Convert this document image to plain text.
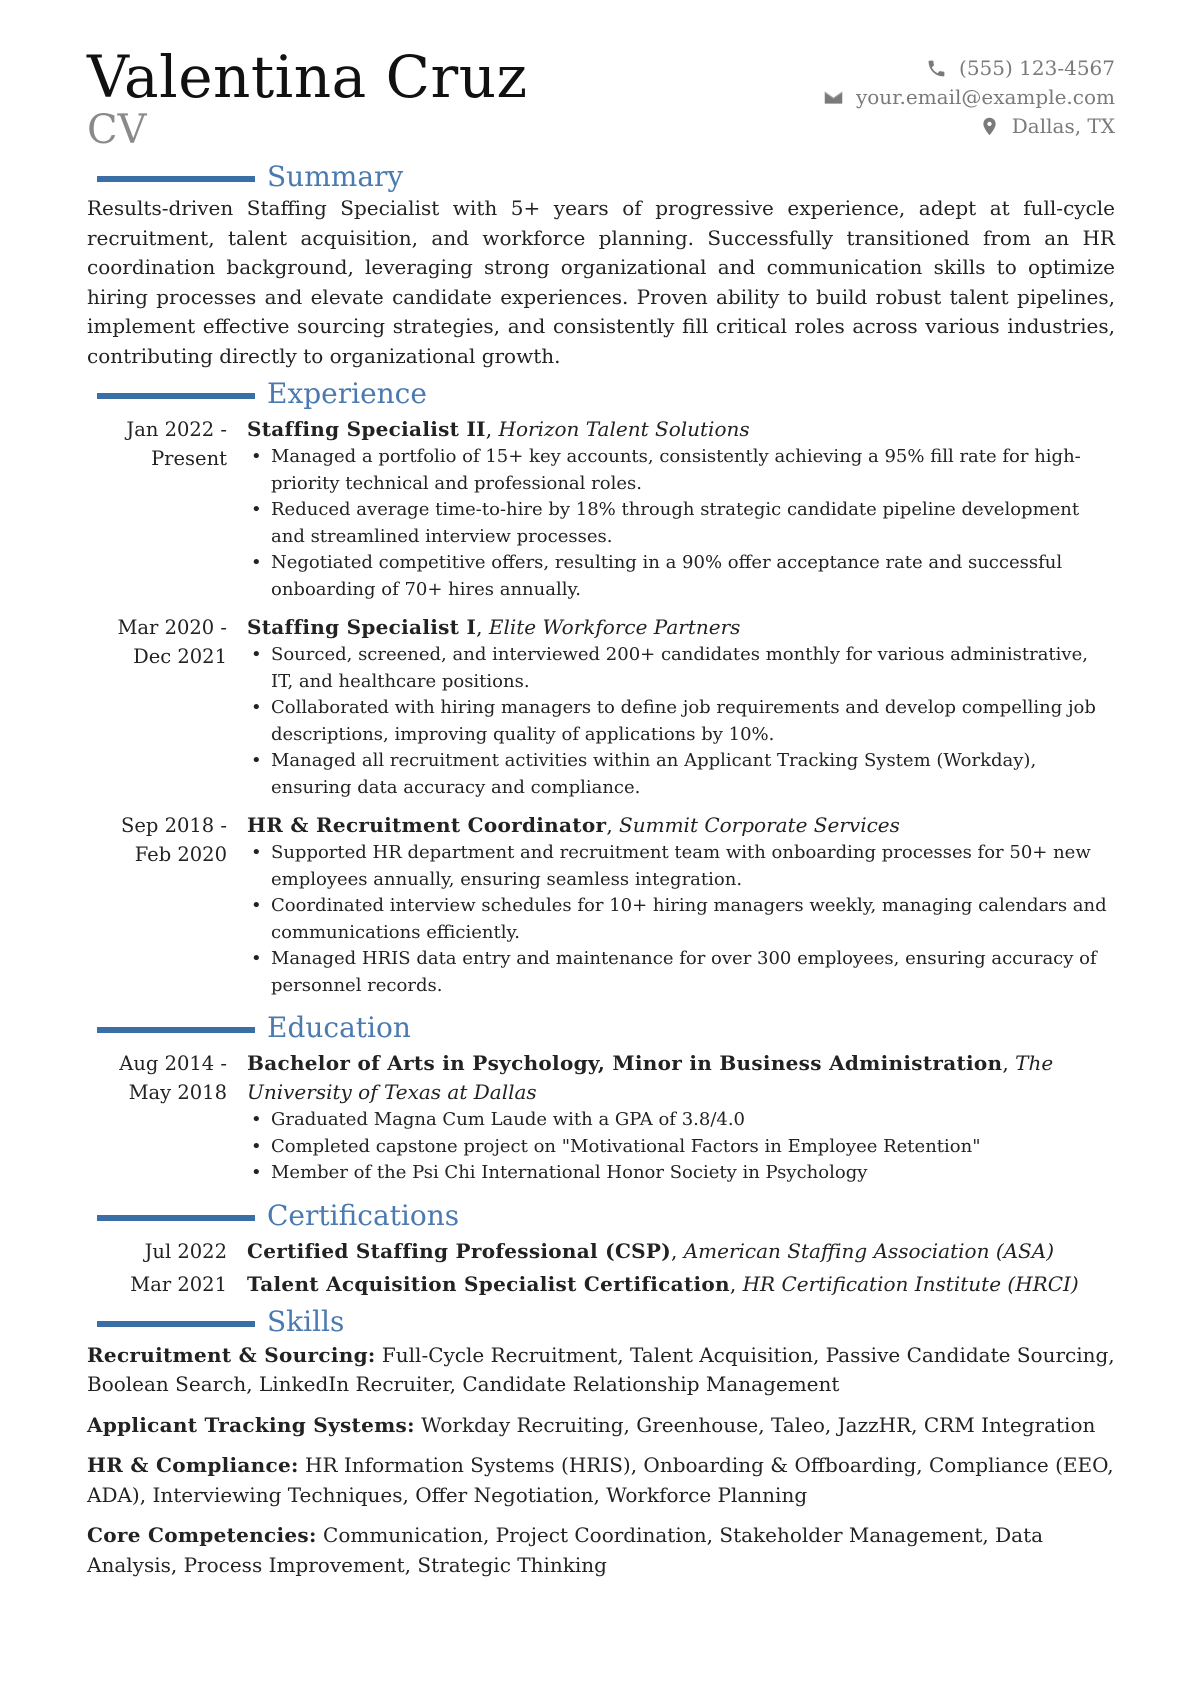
Valentina Cruz
CV
(555) 123-4567
your.email@example.com
Dallas, TX
Summary

Results-driven Staffing Specialist with 5+ years of progressive experience, adept at full-cycle recruitment, talent acquisition, and workforce planning. Successfully transitioned from an HR coordination background, leveraging strong organizational and communication skills to optimize hiring processes and elevate candidate experiences. Proven ability to build robust talent pipelines, implement effective sourcing strategies, and consistently fill critical roles across various industries, contributing directly to organizational growth.

Experience
Jan 2022 - Present
Staffing Specialist II, Horizon Talent Solutions
• Managed a portfolio of 15+ key accounts, consistently achieving a 95% fill rate for high-priority technical and professional roles.
• Reduced average time-to-hire by 18% through strategic candidate pipeline development and streamlined interview processes.
• Negotiated competitive offers, resulting in a 90% offer acceptance rate and successful onboarding of 70+ hires annually.
Mar 2020 - Dec 2021
Staffing Specialist I, Elite Workforce Partners
• Sourced, screened, and interviewed 200+ candidates monthly for various administrative, IT, and healthcare positions.
• Collaborated with hiring managers to define job requirements and develop compelling job descriptions, improving quality of applications by 10%.
• Managed all recruitment activities within an Applicant Tracking System (Workday), ensuring data accuracy and compliance.
Sep 2018 - Feb 2020
HR & Recruitment Coordinator, Summit Corporate Services
• Supported HR department and recruitment team with onboarding processes for 50+ new employees annually, ensuring seamless integration.
• Coordinated interview schedules for 10+ hiring managers weekly, managing calendars and communications efficiently.
• Managed HRIS data entry and maintenance for over 300 employees, ensuring accuracy of personnel records.
Education
Aug 2014 - May 2018
Bachelor of Arts in Psychology, Minor in Business Administration, The University of Texas at Dallas
• Graduated Magna Cum Laude with a GPA of 3.8/4.0
• Completed capstone project on "Motivational Factors in Employee Retention"
• Member of the Psi Chi International Honor Society in Psychology
Certifications
Jul 2022	Certified Staffing Professional (CSP), American Staffing Association (ASA)
Mar 2021	Talent Acquisition Specialist Certification, HR Certification Institute (HRCI)
Skills
Recruitment & Sourcing: Full-Cycle Recruitment, Talent Acquisition, Passive Candidate Sourcing, Boolean Search, LinkedIn Recruiter, Candidate Relationship Management
Applicant Tracking Systems: Workday Recruiting, Greenhouse, Taleo, JazzHR, CRM Integration
HR & Compliance: HR Information Systems (HRIS), Onboarding & Offboarding, Compliance (EEO, ADA), Interviewing Techniques, Offer Negotiation, Workforce Planning
Core Competencies: Communication, Project Coordination, Stakeholder Management, Data Analysis, Process Improvement, Strategic Thinking
